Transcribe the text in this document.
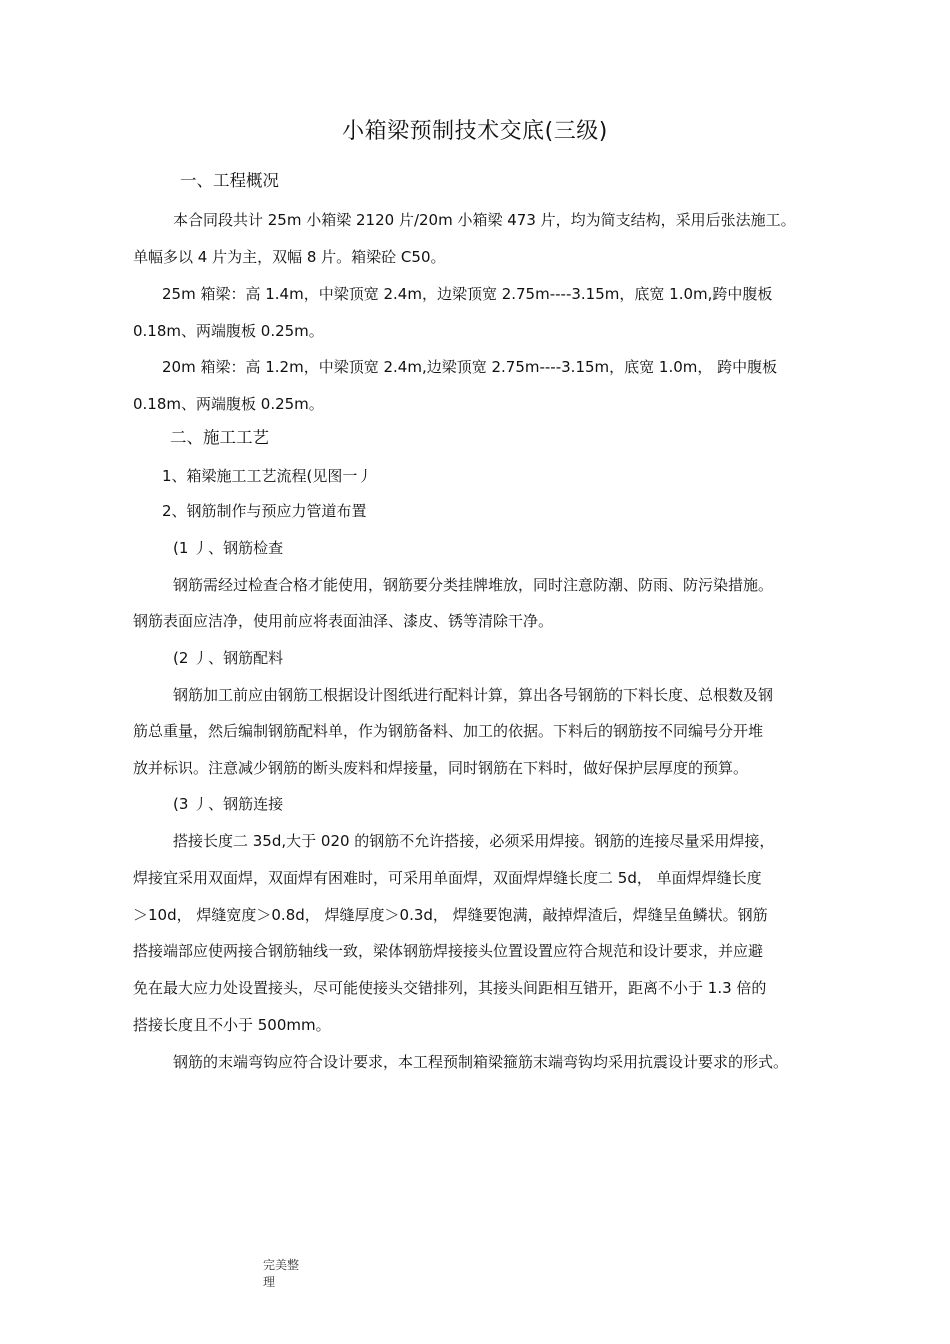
小箱梁预制技术交底(三级)
一、工程概况
本合同段共计 25m 小箱梁 2120 片/20m 小箱梁 473 片，均为简支结构，采用后张法施工。
单幅多以 4 片为主，双幅 8 片。箱梁砼 C50。
25m 箱梁：高 1.4m，中梁顶宽 2.4m，边梁顶宽 2.75m----3.15m，底宽 1.0m,跨中腹板
0.18m、两端腹板 0.25m。
20m 箱梁：高 1.2m，中梁顶宽 2.4m,边梁顶宽 2.75m----3.15m，底宽 1.0m， 跨中腹板
0.18m、两端腹板 0.25m。
二、施工工艺
1、箱梁施工工艺流程(见图一丿
2、钢筋制作与预应力管道布置
(1 丿、钢筋检查
钢筋需经过检查合格才能使用，钢筋要分类挂牌堆放，同时注意防潮、防雨、防污染措施。
钢筋表面应洁净，使用前应将表面油泽、漆皮、锈等清除干净。
(2 丿、钢筋配料
钢筋加工前应由钢筋工根据设计图纸进行配料计算，算出各号钢筋的下料长度、总根数及钢
筋总重量，然后编制钢筋配料单，作为钢筋备料、加工的依据。下料后的钢筋按不同编号分开堆
放并标识。注意减少钢筋的断头废料和焊接量，同时钢筋在下料时，做好保护层厚度的预算。
(3 丿、钢筋连接
搭接长度二 35d,大于 020 的钢筋不允许搭接，必须采用焊接。钢筋的连接尽量采用焊接，
焊接宜采用双面焊，双面焊有困难时，可采用单面焊，双面焊焊缝长度二 5d， 单面焊焊缝长度
＞10d， 焊缝宽度＞0.8d， 焊缝厚度＞0.3d， 焊缝要饱满，敲掉焊渣后，焊缝呈鱼鳞状。钢筋
搭接端部应使两接合钢筋轴线一致，梁体钢筋焊接接头位置设置应符合规范和设计要求，并应避
免在最大应力处设置接头，尽可能使接头交错排列，其接头间距相互错开，距离不小于 1.3 倍的
搭接长度且不小于 500mm。
钢筋的末端弯钩应符合设计要求，本工程预制箱梁箍筋末端弯钩均采用抗震设计要求的形式。
完美整
理
